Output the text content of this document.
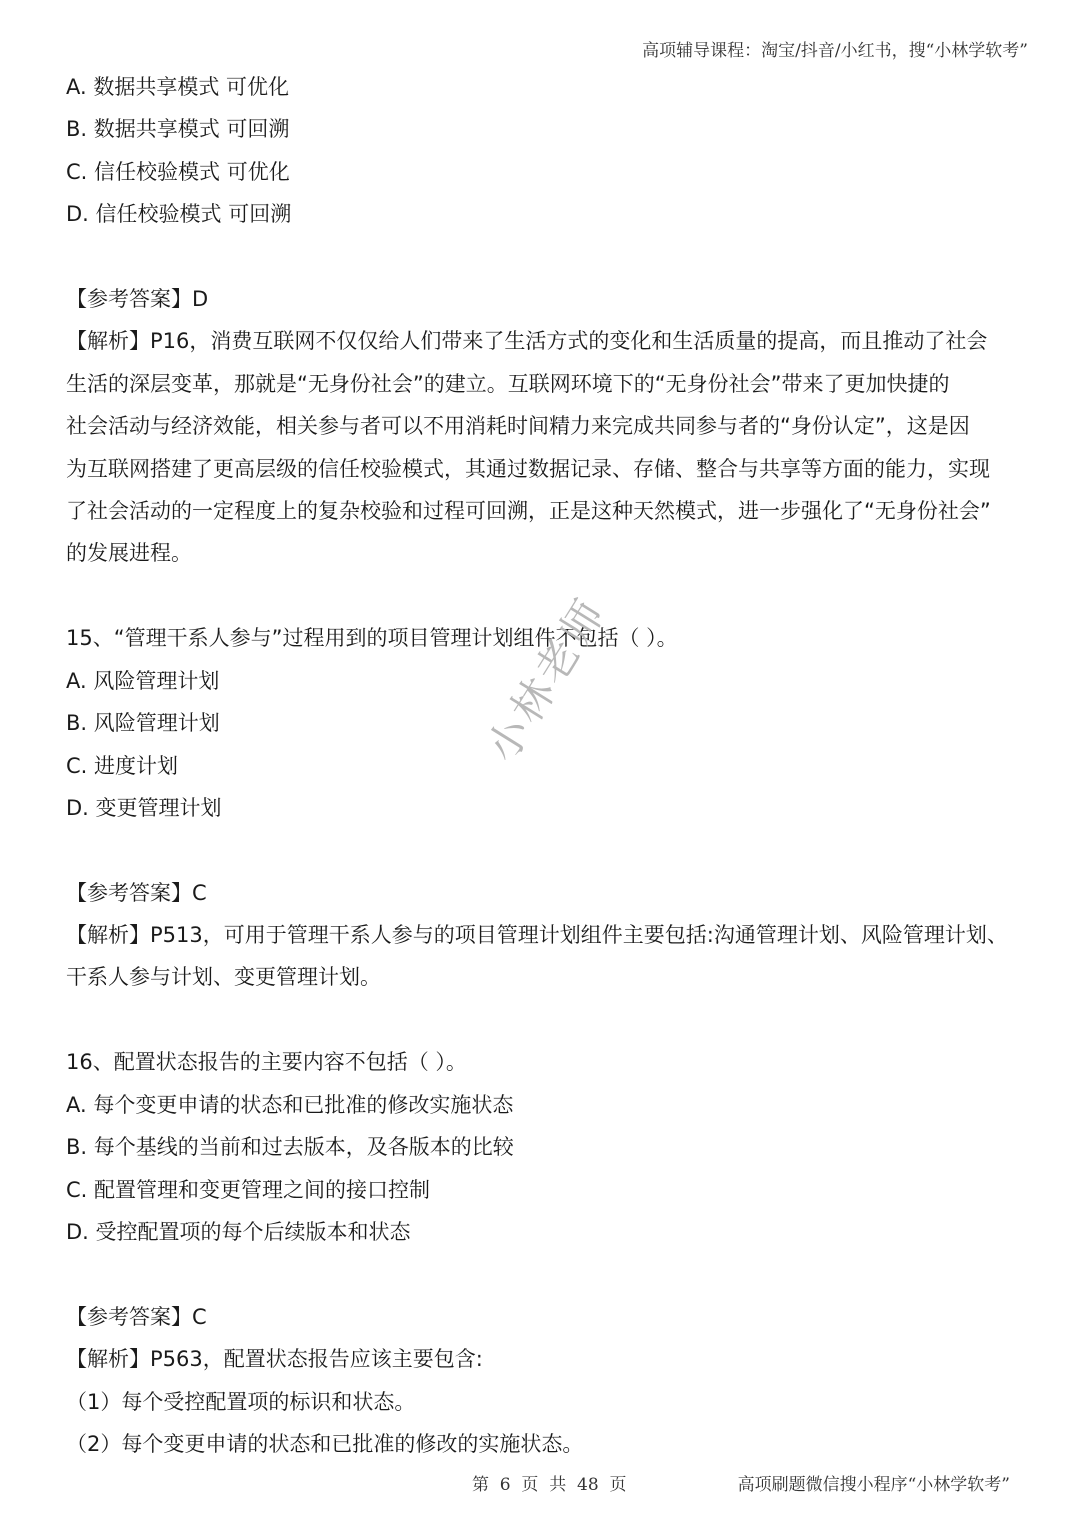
高项辅导课程：淘宝/抖音/小红书，搜“小林学软考”
A. 数据共享模式 可优化
B. 数据共享模式 可回溯
C. 信任校验模式 可优化
D. 信任校验模式 可回溯
【参考答案】D
【解析】P16，消费互联网不仅仅给人们带来了生活方式的变化和生活质量的提高，而且推动了社会
生活的深层变革，那就是“无身份社会”的建立。互联网环境下的“无身份社会”带来了更加快捷的
社会活动与经济效能，相关参与者可以不用消耗时间精力来完成共同参与者的“身份认定”，这是因
为互联网搭建了更高层级的信任校验模式，其通过数据记录、存储、整合与共享等方面的能力，实现
了社会活动的一定程度上的复杂校验和过程可回溯，正是这种天然模式，进一步强化了“无身份社会”
的发展进程。
15、“管理干系人参与”过程用到的项目管理计划组件不包括（ ）。
A. 风险管理计划
B. 风险管理计划
C. 进度计划
D. 变更管理计划
【参考答案】C
【解析】P513，可用于管理干系人参与的项目管理计划组件主要包括:沟通管理计划、风险管理计划、
干系人参与计划、变更管理计划。
16、配置状态报告的主要内容不包括（ ）。
A. 每个变更申请的状态和已批准的修改实施状态
B. 每个基线的当前和过去版本，及各版本的比较
C. 配置管理和变更管理之间的接口控制
D. 受控配置项的每个后续版本和状态
【参考答案】C
【解析】P563，配置状态报告应该主要包含:
（1）每个受控配置项的标识和状态。
（2）每个变更申请的状态和已批准的修改的实施状态。
小林老师
第  6  页  共  48  页	高项刷题微信搜小程序“小林学软考”
